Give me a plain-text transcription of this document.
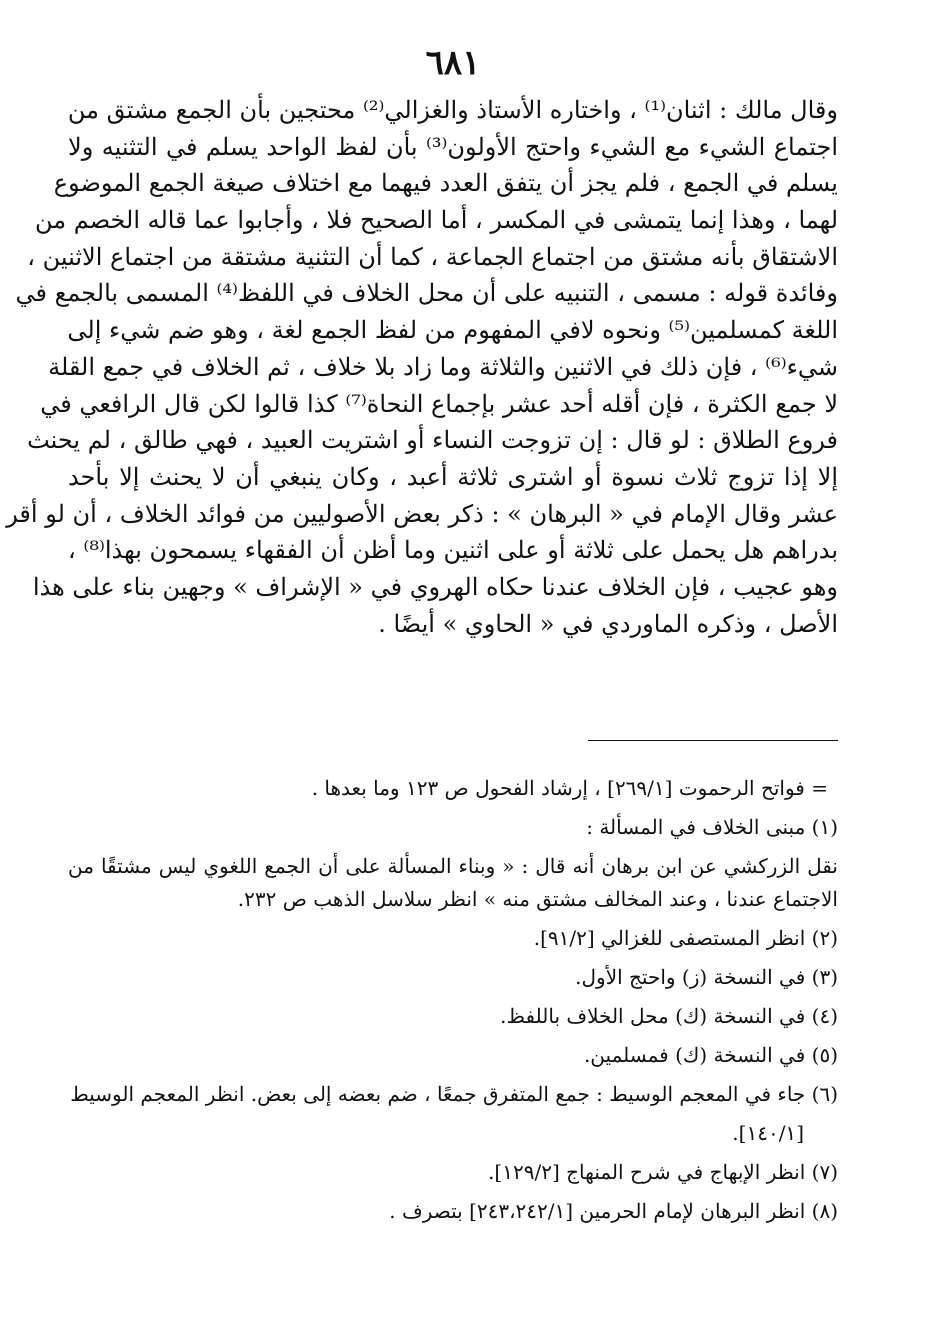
٦٨١
وقال مالك : اثنان⁽¹⁾ ، واختاره الأستاذ والغزالي⁽²⁾ محتجين بأن الجمع مشتق من
اجتماع الشيء مع الشيء واحتج الأولون⁽³⁾ بأن لفظ الواحد يسلم في التثنيه ولا
يسلم في الجمع ، فلم يجز أن يتفق العدد فيهما مع اختلاف صيغة الجمع الموضوع
لهما ، وهذا إنما يتمشى في المكسر ، أما الصحيح فلا ، وأجابوا عما قاله الخصم من
الاشتقاق بأنه مشتق من اجتماع الجماعة ، كما أن التثنية مشتقة من اجتماع الاثنين ،
وفائدة قوله : مسمى ، التنبيه على أن محل الخلاف في اللفظ⁽⁴⁾ المسمى بالجمع في
اللغة كمسلمين⁽⁵⁾ ونحوه لافي المفهوم من لفظ الجمع لغة ، وهو ضم شيء إلى
شيء⁽⁶⁾ ، فإن ذلك في الاثنين والثلاثة وما زاد بلا خلاف ، ثم الخلاف في جمع القلة
لا جمع الكثرة ، فإن أقله أحد عشر بإجماع النحاة⁽⁷⁾ كذا قالوا لكن قال الرافعي في
فروع الطلاق : لو قال : إن تزوجت النساء أو اشتريت العبيد ، فهي طالق ، لم يحنث
إلا إذا تزوج ثلاث نسوة أو اشترى ثلاثة أعبد ، وكان ينبغي أن لا يحنث إلا بأحد
عشر وقال الإمام في « البرهان » : ذكر بعض الأصوليين من فوائد الخلاف ، أن لو أقر
بدراهم هل يحمل على ثلاثة أو على اثنين وما أظن أن الفقهاء يسمحون بهذا⁽⁸⁾ ،
وهو عجيب ، فإن الخلاف عندنا حكاه الهروي في « الإشراف » وجهين بناء على هذا
الأصل ، وذكره الماوردي في « الحاوي » أيضًا .
= فواتح الرحموت [٢٦٩/١] ، إرشاد الفحول ص ١٢٣ وما بعدها .
(١) مبنى الخلاف في المسألة :
نقل الزركشي عن ابن برهان أنه قال : « وبناء المسألة على أن الجمع اللغوي ليس مشتقًا من الاجتماع عندنا ، وعند المخالف مشتق منه » انظر سلاسل الذهب ص ٢٣٢.
(٢) انظر المستصفى للغزالي [٩١/٢].
(٣) في النسخة (ز) واحتج الأول.
(٤) في النسخة (ك) محل الخلاف باللفظ.
(٥) في النسخة (ك) فمسلمين.
(٦) جاء في المعجم الوسيط : جمع المتفرق جمعًا ، ضم بعضه إلى بعض. انظر المعجم الوسيط
[١٤٠/١].
(٧) انظر الإبهاج في شرح المنهاج [١٢٩/٢].
(٨) انظر البرهان لإمام الحرمين [٢٤٣،٢٤٢/١] بتصرف .
